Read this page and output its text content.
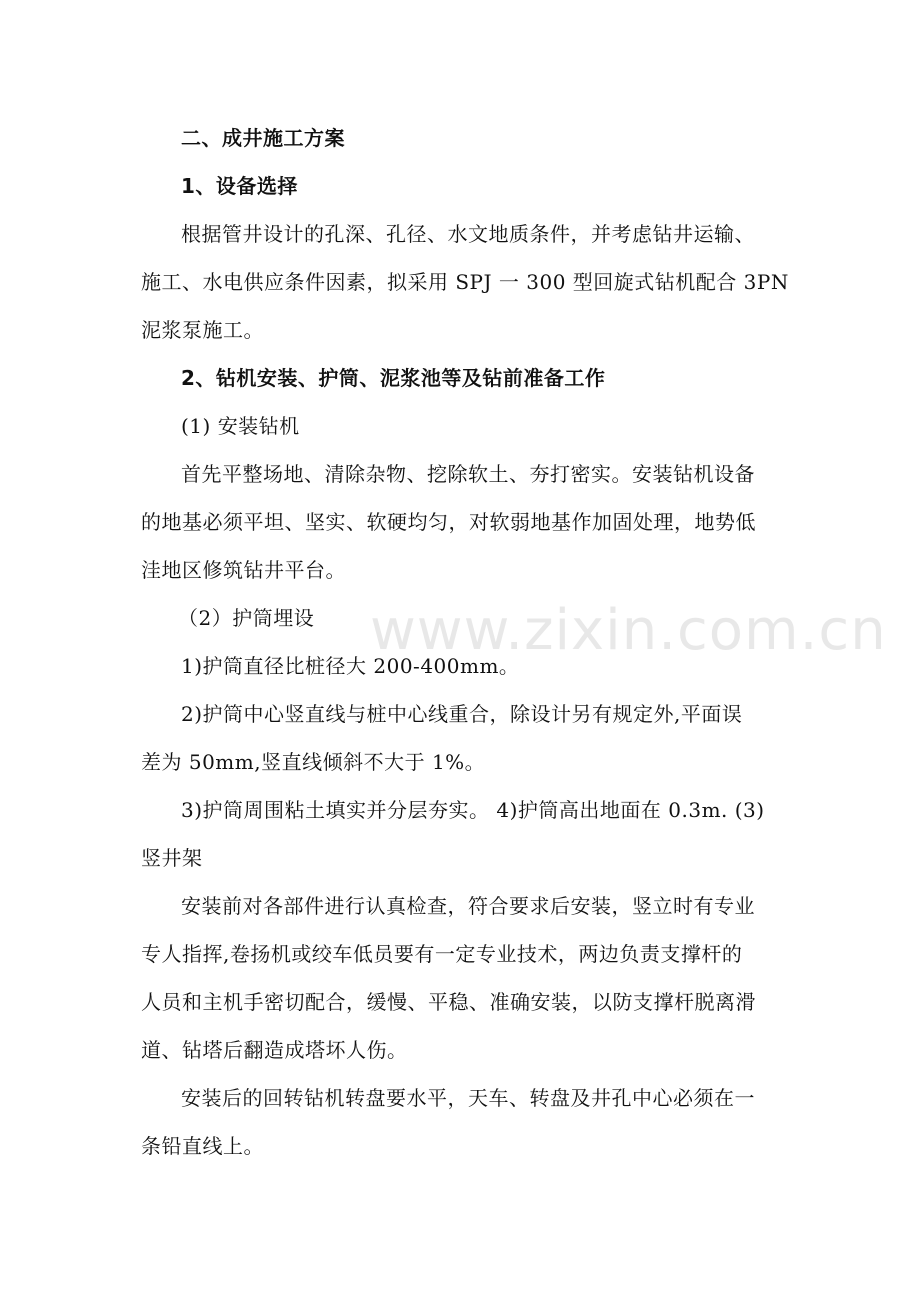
二、成井施工方案
1、设备选择
根据管井设计的孔深、孔径、水文地质条件，并考虑钻井运输、
施工、水电供应条件因素，拟采用 SPJ 一 300 型回旋式钻机配合 3PN
泥浆泵施工。
2、钻机安装、护筒、泥浆池等及钻前准备工作
(1) 安装钻机
首先平整场地、清除杂物、挖除软土、夯打密实。安装钻机设备
的地基必须平坦、坚实、软硬均匀，对软弱地基作加固处理，地势低
洼地区修筑钻井平台。
（2）护筒埋设
1)护筒直径比桩径大 200-400mm。
2)护筒中心竖直线与桩中心线重合，除设计另有规定外,平面误
差为 50mm,竖直线倾斜不大于 1%。
3)护筒周围粘土填实并分层夯实。 4)护筒高出地面在 0.3m. (3)
竖井架
安装前对各部件进行认真检查，符合要求后安装，竖立时有专业
专人指挥,卷扬机或绞车低员要有一定专业技术，两边负责支撑杆的
人员和主机手密切配合，缓慢、平稳、准确安装，以防支撑杆脱离滑
道、钻塔后翻造成塔坏人伤。
安装后的回转钻机转盘要水平，天车、转盘及井孔中心必须在一
条铅直线上。
www.zixin.com.cn
